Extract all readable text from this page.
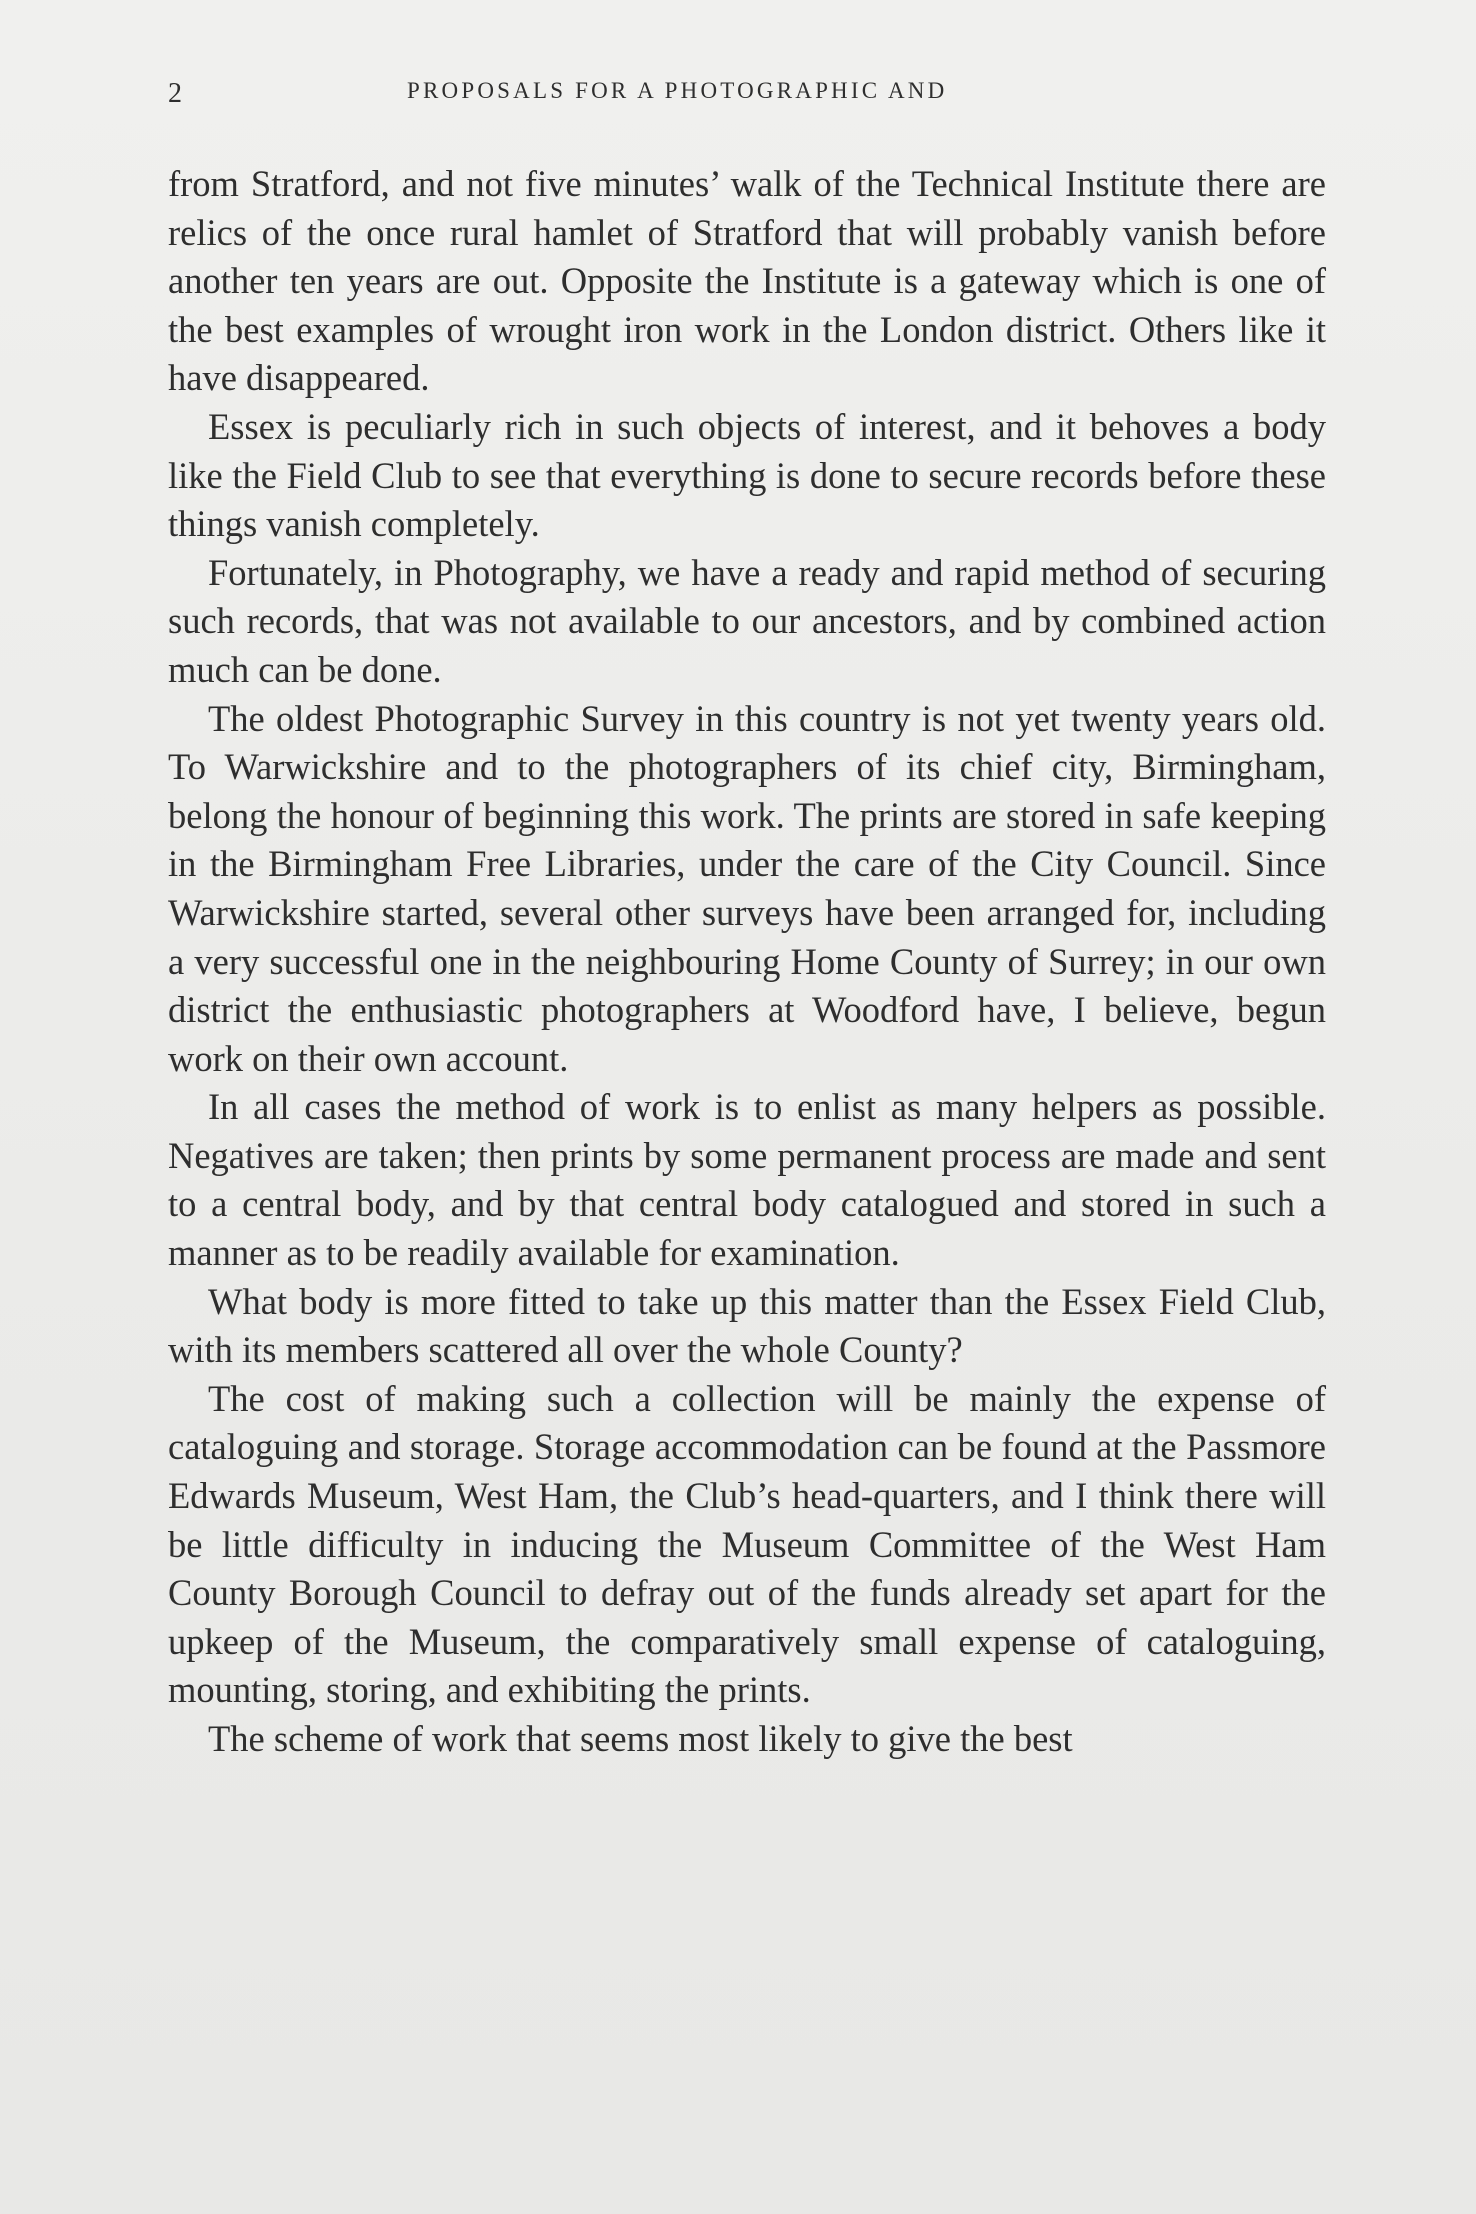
2	PROPOSALS FOR A PHOTOGRAPHIC AND

from Stratford, and not five minutes’ walk of the Technical Institute there are relics of the once rural hamlet of Stratford that will probably vanish before another ten years are out. Opposite the Institute is a gateway which is one of the best examples of wrought iron work in the London district. Others like it have disappeared.

Essex is peculiarly rich in such objects of interest, and it behoves a body like the Field Club to see that everything is done to secure records before these things vanish completely.

Fortunately, in Photography, we have a ready and rapid method of securing such records, that was not available to our ancestors, and by combined action much can be done.

The oldest Photographic Survey in this country is not yet twenty years old. To Warwickshire and to the photographers of its chief city, Birmingham, belong the honour of beginning this work. The prints are stored in safe keeping in the Birmingham Free Libraries, under the care of the City Council. Since Warwickshire started, several other surveys have been arranged for, including a very successful one in the neighbouring Home County of Surrey; in our own district the enthusiastic photographers at Woodford have, I believe, begun work on their own account.

In all cases the method of work is to enlist as many helpers as possible. Negatives are taken; then prints by some permanent process are made and sent to a central body, and by that central body catalogued and stored in such a manner as to be readily available for examination.

What body is more fitted to take up this matter than the Essex Field Club, with its members scattered all over the whole County?

The cost of making such a collection will be mainly the expense of cataloguing and storage. Storage accommodation can be found at the Passmore Edwards Museum, West Ham, the Club’s head-quarters, and I think there will be little difficulty in inducing the Museum Committee of the West Ham County Borough Council to defray out of the funds already set apart for the upkeep of the Museum, the comparatively small expense of cataloguing, mounting, storing, and exhibiting the prints.

The scheme of work that seems most likely to give the best
